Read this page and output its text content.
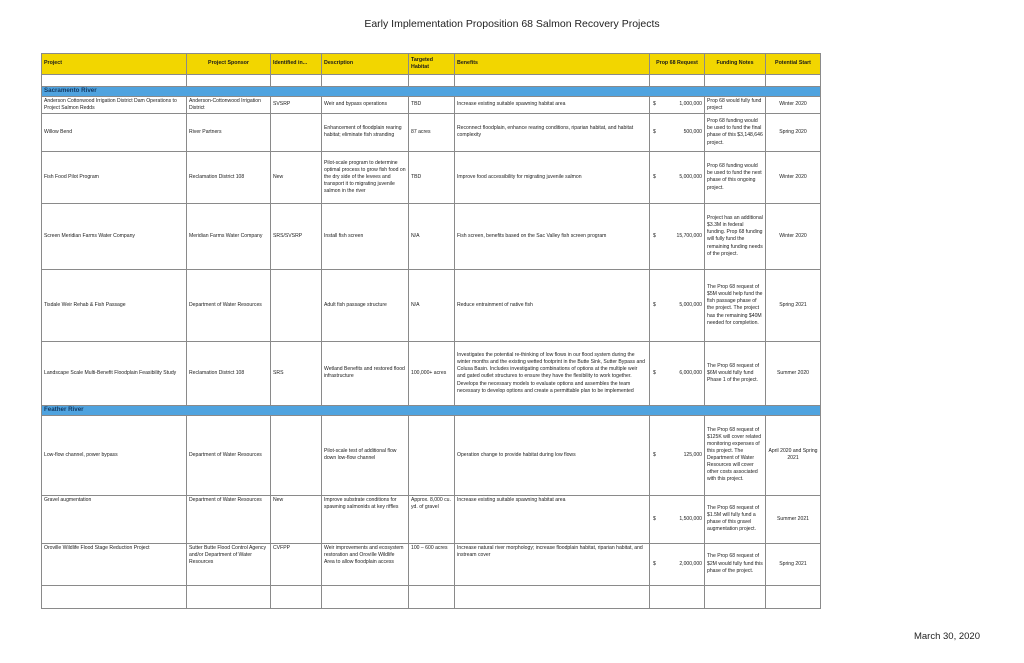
Early Implementation Proposition 68 Salmon Recovery Projects
Project	Project Sponsor	Identified in...	Description	Targeted Habitat	Benefits	Prop 68 Request	Funding Notes	Potential Start

Sacramento River								
Anderson Cottonwood Irrigation District Dam Operations to Project Salmon Redds	Anderson-Cottonwood Irrigation District	SVSRP	Weir and bypass operations	TBD	Increase existing suitable spawning habitat area	$ 1,000,000	Prop 68 would fully fund project	Winter 2020
Willow Bend	River Partners		Enhancement of floodplain rearing habitat; eliminate fish stranding	87 acres	Reconnect floodplain, enhance rearing conditions, riparian habitat, and habitat complexity	$ 500,000	Prop 68 funding would be used to fund the final phase of this $3,148,646 project.	Spring 2020
Fish Food Pilot Program	Reclamation District 108	New	Pilot-scale program to determine optimal process to grow fish food on the dry side of the levees and transport it to migrating juvenile salmon in the river	TBD	Improve food accessibility for migrating juvenile salmon	$ 5,000,000	Prop 68 funding would be used to fund the next phase of this ongoing project.	Winter 2020
Screen Meridian Farms Water Company	Meridian Farms Water Company	SRS/SVSRP	Install fish screen	N/A	Fish screen, benefits based on the Sac Valley fish screen program	$ 15,700,000	Project has an additional $3.3M in federal funding. Prop 68 funding will fully fund the remaining funding needs of the project.	Winter 2020
Tisdale Weir Rehab & Fish Passage	Department of Water Resources		Adult fish passage structure	N/A	Reduce entrainment of native fish	$ 5,000,000	The Prop 68 request of $5M would help fund the fish passage phase of the project. The project has the remaining $40M needed for completion.	Spring 2021
Landscape Scale Multi-Benefit Floodplain Feasibility Study	Reclamation District 108	SRS	Wetland Benefits and restored flood infrastructure	100,000+ acres	Investigates the potential re-thinking of low flows in our flood system during the winter months and the existing wetted footprint in the Butte Sink, Sutter Bypass and Colusa Basin. Includes investigating combinations of options at the multiple weir and gated outlet structures to ensure they have the flexibility to work together. Develops the necessary models to evaluate options and assembles the team necessary to develop options and create a permittable plan to be implemented	$ 6,000,000	The Prop 68 request of $6M would fully fund Phase 1 of the project.	Summer 2020
Feather River								
Low-flow channel, power bypass	Department of Water Resources		Pilot-scale test of additional flow down low-flow channel		Operation change to provide habitat during low flows	$ 125,000	The Prop 68 request of $125K will cover related monitoring expenses of this project. The Department of Water Resources will cover other costs associated with this project.	April 2020 and Spring 2021
Gravel augmentation	Department of Water Resources	New	Improve substrate conditions for spawning salmonids at key riffles	Approx. 8,000 cu. yd. of gravel	Increase existing suitable spawning habitat area	$ 1,500,000	The Prop 68 request of $1.5M will fully fund a phase of this gravel augmentation project.	Summer 2021
Oroville Wildlife Flood Stage Reduction Project	Sutter Butte Flood Control Agency and/or Department of Water Resources	CVFPP	Weir improvements and ecosystem restoration and Oroville Wildlife Area to allow floodplain access	100 – 600 acres	Increase natural river morphology; increase floodplain habitat, riparian habitat, and instream cover	$ 2,000,000	The Prop 68 request of $2M would fully fund this phase of the project.	Spring 2021

March 30, 2020
